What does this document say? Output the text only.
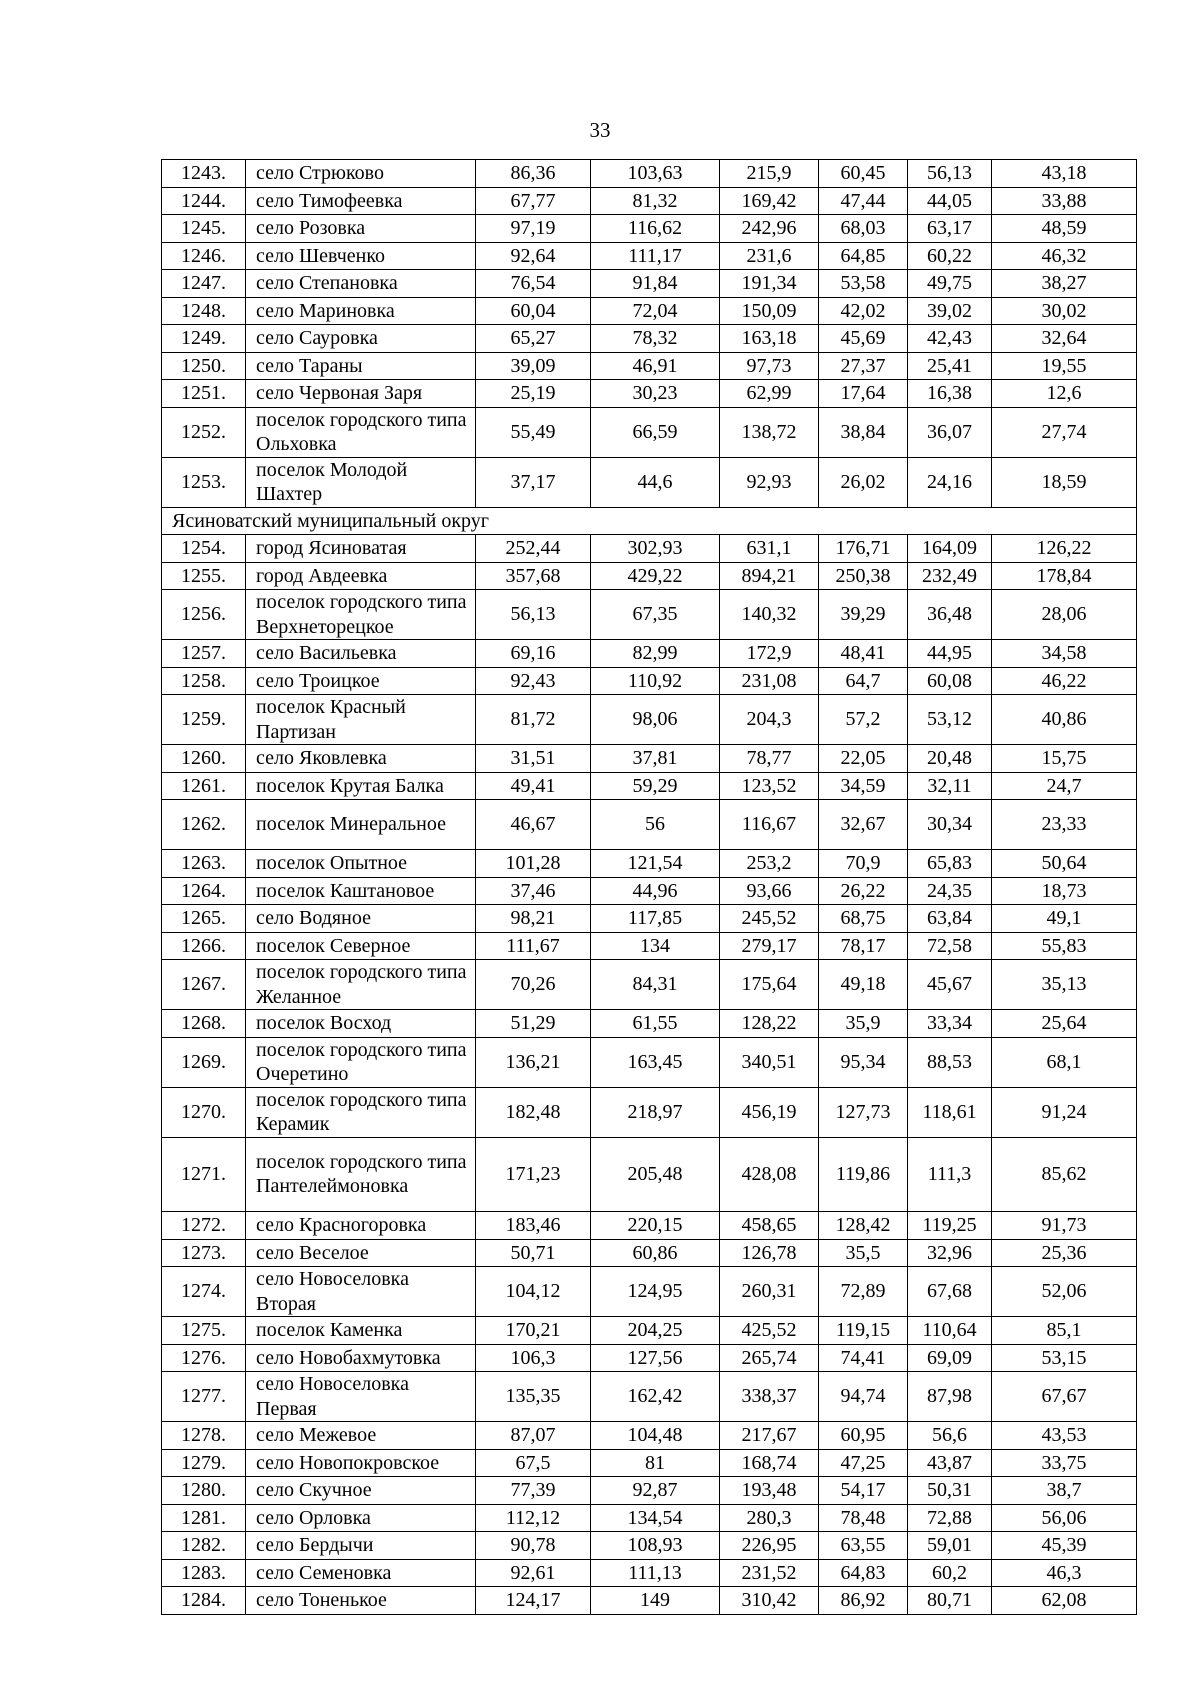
33
1243.	село Стрюково	86,36	103,63	215,9	60,45	56,13	43,18
1244.	село Тимофеевка	67,77	81,32	169,42	47,44	44,05	33,88
1245.	село Розовка	97,19	116,62	242,96	68,03	63,17	48,59
1246.	село Шевченко	92,64	111,17	231,6	64,85	60,22	46,32
1247.	село Степановка	76,54	91,84	191,34	53,58	49,75	38,27
1248.	село Мариновка	60,04	72,04	150,09	42,02	39,02	30,02
1249.	село Сауровка	65,27	78,32	163,18	45,69	42,43	32,64
1250.	село Тараны	39,09	46,91	97,73	27,37	25,41	19,55
1251.	село Червоная Заря	25,19	30,23	62,99	17,64	16,38	12,6
1252.	поселок городского типа Ольховка	55,49	66,59	138,72	38,84	36,07	27,74
1253.	поселок Молодой Шахтер	37,17	44,6	92,93	26,02	24,16	18,59
Ясиноватский муниципальный округ							
1254.	город Ясиноватая	252,44	302,93	631,1	176,71	164,09	126,22
1255.	город Авдеевка	357,68	429,22	894,21	250,38	232,49	178,84
1256.	поселок городского типа Верхнеторецкое	56,13	67,35	140,32	39,29	36,48	28,06
1257.	село Васильевка	69,16	82,99	172,9	48,41	44,95	34,58
1258.	село Троицкое	92,43	110,92	231,08	64,7	60,08	46,22
1259.	поселок Красный Партизан	81,72	98,06	204,3	57,2	53,12	40,86
1260.	село Яковлевка	31,51	37,81	78,77	22,05	20,48	15,75
1261.	поселок Крутая Балка	49,41	59,29	123,52	34,59	32,11	24,7
1262.	поселок Минеральное	46,67	56	116,67	32,67	30,34	23,33
1263.	поселок Опытное	101,28	121,54	253,2	70,9	65,83	50,64
1264.	поселок Каштановое	37,46	44,96	93,66	26,22	24,35	18,73
1265.	село Водяное	98,21	117,85	245,52	68,75	63,84	49,1
1266.	поселок Северное	111,67	134	279,17	78,17	72,58	55,83
1267.	поселок городского типа Желанное	70,26	84,31	175,64	49,18	45,67	35,13
1268.	поселок Восход	51,29	61,55	128,22	35,9	33,34	25,64
1269.	поселок городского типа Очеретино	136,21	163,45	340,51	95,34	88,53	68,1
1270.	поселок городского типа Керамик	182,48	218,97	456,19	127,73	118,61	91,24
1271.	поселок городского типа Пантелеймоновка	171,23	205,48	428,08	119,86	111,3	85,62
1272.	село Красногоровка	183,46	220,15	458,65	128,42	119,25	91,73
1273.	село Веселое	50,71	60,86	126,78	35,5	32,96	25,36
1274.	село Новоселовка Вторая	104,12	124,95	260,31	72,89	67,68	52,06
1275.	поселок Каменка	170,21	204,25	425,52	119,15	110,64	85,1
1276.	село Новобахмутовка	106,3	127,56	265,74	74,41	69,09	53,15
1277.	село Новоселовка Первая	135,35	162,42	338,37	94,74	87,98	67,67
1278.	село Межевое	87,07	104,48	217,67	60,95	56,6	43,53
1279.	село Новопокровское	67,5	81	168,74	47,25	43,87	33,75
1280.	село Скучное	77,39	92,87	193,48	54,17	50,31	38,7
1281.	село Орловка	112,12	134,54	280,3	78,48	72,88	56,06
1282.	село Бердычи	90,78	108,93	226,95	63,55	59,01	45,39
1283.	село Семеновка	92,61	111,13	231,52	64,83	60,2	46,3
1284.	село Тоненькое	124,17	149	310,42	86,92	80,71	62,08
